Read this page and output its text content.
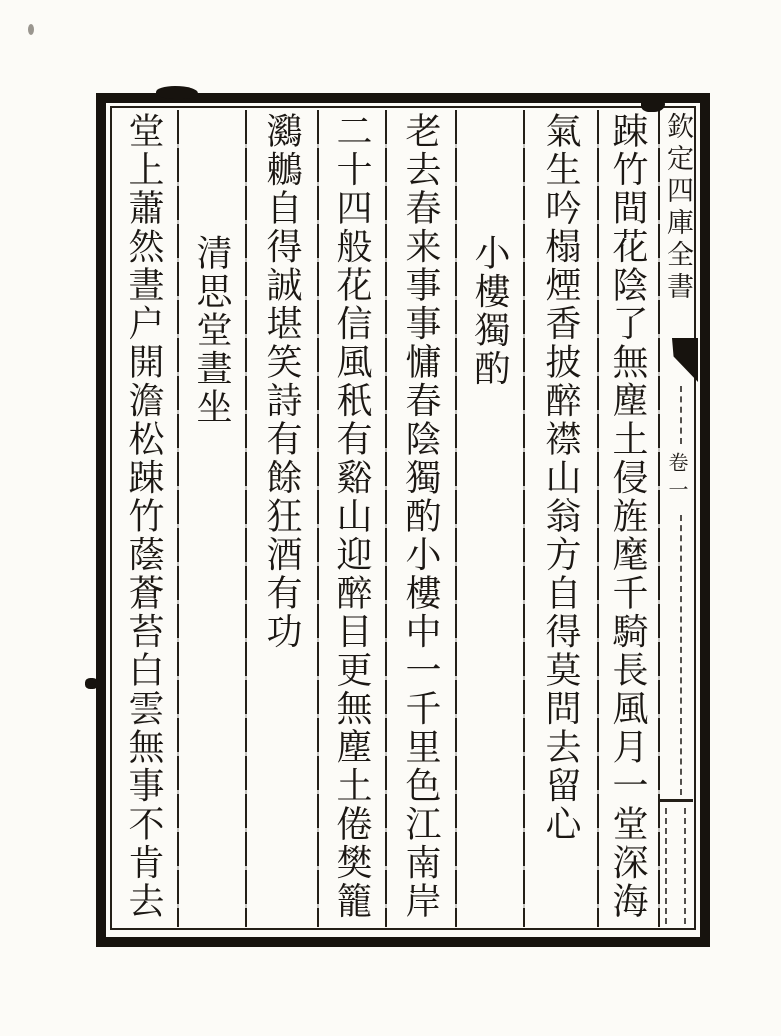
欽定四庫全書
卷一
踈竹間花陰了無塵土侵旌麾千騎長風月一堂深海
氣生吟榻煙香披醉襟山翁方自得莫問去留心
小樓獨酌
老去春来事事慵春陰獨酌小樓中一千里色江南岸
二十四般花信風秖有谿山迎醉目更無塵土倦樊籠
鸂鶒自得誠堪笑詩有餘狂酒有功
清思堂晝坐
堂上蕭然晝户開澹松踈竹蔭蒼苔白雲無事不肯去
